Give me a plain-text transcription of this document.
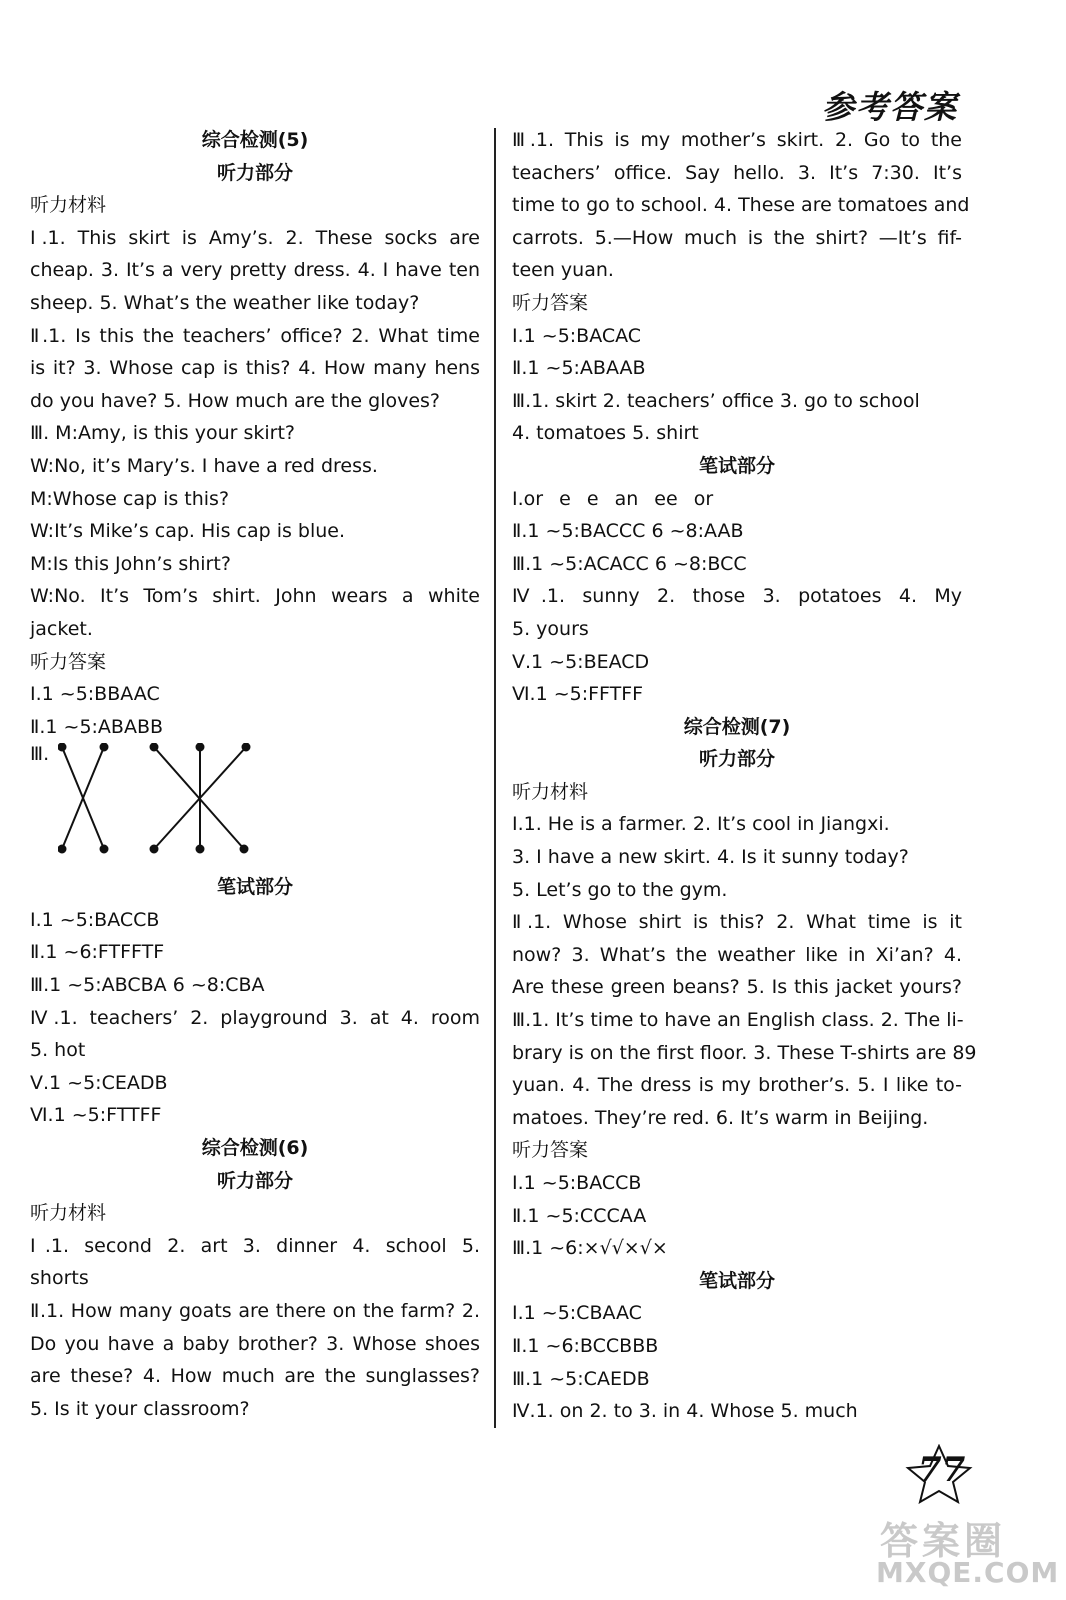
参考答案
综合检测(5)
听力部分
听力材料
Ⅰ.1. This skirt is Amy’s. 2. These socks are
cheap. 3. It’s a very pretty dress. 4. I have ten
sheep. 5. What’s the weather like today?
Ⅱ.1. Is this the teachers’ office? 2. What time
is it? 3. Whose cap is this? 4. How many hens
do you have? 5. How much are the gloves?
Ⅲ. M:Amy, is this your skirt?
W:No, it’s Mary’s. I have a red dress.
M:Whose cap is this?
W:It’s Mike’s cap. His cap is blue.
M:Is this John’s shirt?
W:No. It’s Tom’s shirt. John wears a white
jacket.
听力答案
Ⅰ.1 ~5:BBAAC
Ⅱ.1 ~5:ABABB
Ⅲ.
笔试部分
Ⅰ.1 ~5:BACCB
Ⅱ.1 ~6:FTFFTF
Ⅲ.1 ~5:ABCBA 6 ~8:CBA
Ⅳ.1. teachers’ 2. playground 3. at 4. room
5. hot
Ⅴ.1 ~5:CEADB
Ⅵ.1 ~5:FTTFF
综合检测(6)
听力部分
听力材料
Ⅰ.1. second 2. art 3. dinner 4. school 5.
shorts
Ⅱ.1. How many goats are there on the farm? 2.
Do you have a baby brother? 3. Whose shoes
are these? 4. How much are the sunglasses?
5. Is it your classroom?
Ⅲ.1. This is my mother’s skirt. 2. Go to the
teachers’ office. Say hello. 3. It’s 7:30. It’s
time to go to school. 4. These are tomatoes and
carrots. 5.—How much is the shirt? —It’s fif-
teen yuan.
听力答案
Ⅰ.1 ~5:BACAC
Ⅱ.1 ~5:ABAAB
Ⅲ.1. skirt 2. teachers’ office 3. go to school
4. tomatoes 5. shirt
笔试部分
Ⅰ.or e e an ee or
Ⅱ.1 ~5:BACCC 6 ~8:AAB
Ⅲ.1 ~5:ACACC 6 ~8:BCC
Ⅳ.1. sunny 2. those 3. potatoes 4. My
5. yours
Ⅴ.1 ~5:BEACD
Ⅵ.1 ~5:FFTFF
综合检测(7)
听力部分
听力材料
Ⅰ.1. He is a farmer. 2. It’s cool in Jiangxi.
3. I have a new skirt. 4. Is it sunny today?
5. Let’s go to the gym.
Ⅱ.1. Whose shirt is this? 2. What time is it
now? 3. What’s the weather like in Xi’an? 4.
Are these green beans? 5. Is this jacket yours?
Ⅲ.1. It’s time to have an English class. 2. The li-
brary is on the first floor. 3. These T-shirts are 89
yuan. 4. The dress is my brother’s. 5. I like to-
matoes. They’re red. 6. It’s warm in Beijing.
听力答案
Ⅰ.1 ~5:BACCB
Ⅱ.1 ~5:CCCAA
Ⅲ.1 ~6:×√√×√×
笔试部分
Ⅰ.1 ~5:CBAAC
Ⅱ.1 ~6:BCCBBB
Ⅲ.1 ~5:CAEDB
Ⅳ.1. on 2. to 3. in 4. Whose 5. much
77
答案圈
MXQE.COM
